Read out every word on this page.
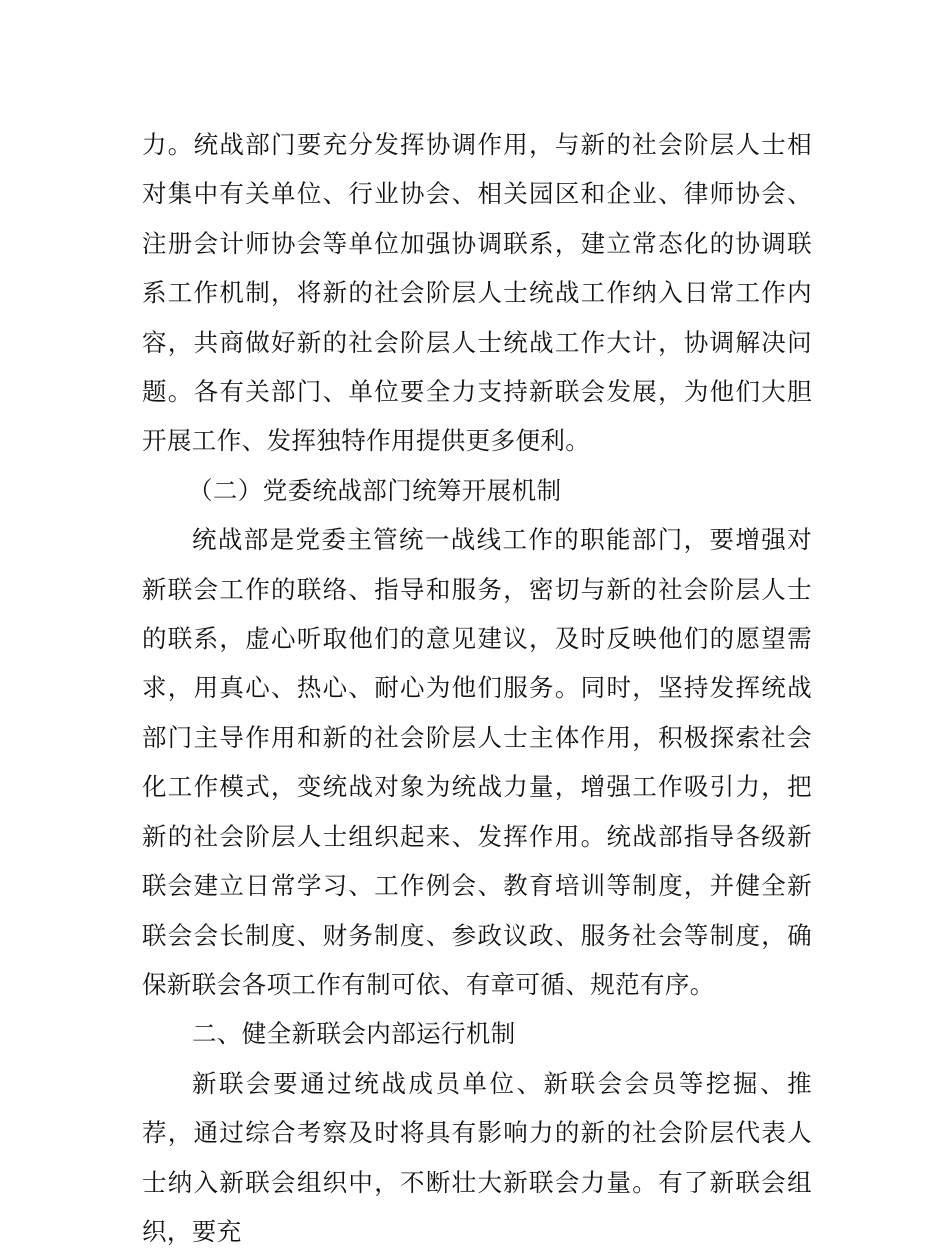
力。统战部门要充分发挥协调作用，与新的社会阶层人士相对集中有关单位、行业协会、相关园区和企业、律师协会、注册会计师协会等单位加强协调联系，建立常态化的协调联系工作机制，将新的社会阶层人士统战工作纳入日常工作内容，共商做好新的社会阶层人士统战工作大计，协调解决问题。各有关部门、单位要全力支持新联会发展，为他们大胆开展工作、发挥独特作用提供更多便利。

（二）党委统战部门统筹开展机制

统战部是党委主管统一战线工作的职能部门，要增强对新联会工作的联络、指导和服务，密切与新的社会阶层人士的联系，虚心听取他们的意见建议，及时反映他们的愿望需求，用真心、热心、耐心为他们服务。同时，坚持发挥统战部门主导作用和新的社会阶层人士主体作用，积极探索社会化工作模式，变统战对象为统战力量，增强工作吸引力，把新的社会阶层人士组织起来、发挥作用。统战部指导各级新联会建立日常学习、工作例会、教育培训等制度，并健全新联会会长制度、财务制度、参政议政、服务社会等制度，确保新联会各项工作有制可依、有章可循、规范有序。

二、健全新联会内部运行机制

新联会要通过统战成员单位、新联会会员等挖掘、推荐，通过综合考察及时将具有影响力的新的社会阶层代表人士纳入新联会组织中，不断壮大新联会力量。有了新联会组织，要充
